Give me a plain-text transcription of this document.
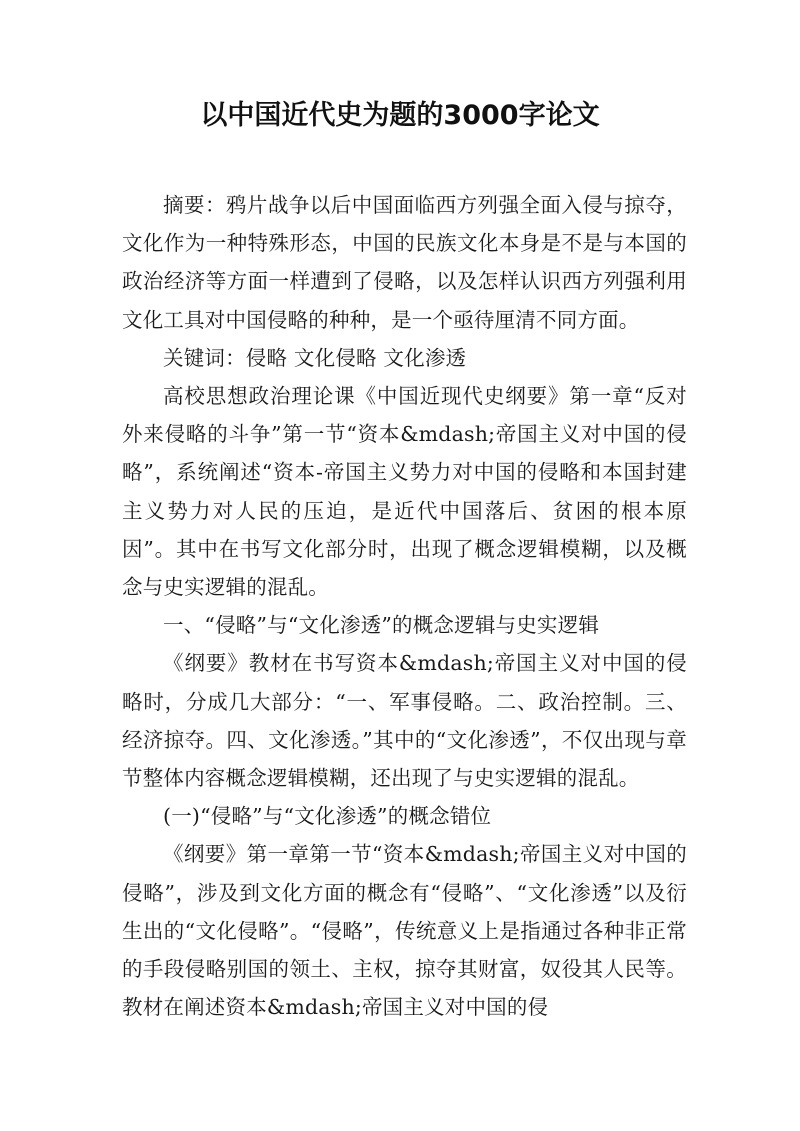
以中国近代史为题的3000字论文

摘要：鸦片战争以后中国面临西方列强全面入侵与掠夺，文化作为一种特殊形态，中国的民族文化本身是不是与本国的政治经济等方面一样遭到了侵略，以及怎样认识西方列强利用文化工具对中国侵略的种种，是一个亟待厘清不同方面。

关键词：侵略 文化侵略 文化渗透

高校思想政治理论课《中国近现代史纲要》第一章“反对外来侵略的斗争”第一节“资本&mdash;帝国主义对中国的侵略”，系统阐述“资本-帝国主义势力对中国的侵略和本国封建主义势力对人民的压迫，是近代中国落后、贫困的根本原因”。其中在书写文化部分时，出现了概念逻辑模糊，以及概念与史实逻辑的混乱。

一、“侵略”与“文化渗透”的概念逻辑与史实逻辑

《纲要》教材在书写资本&mdash;帝国主义对中国的侵略时，分成几大部分：“一、军事侵略。二、政治控制。三、经济掠夺。四、文化渗透。”其中的“文化渗透”，不仅出现与章节整体内容概念逻辑模糊，还出现了与史实逻辑的混乱。

(一)“侵略”与“文化渗透”的概念错位

《纲要》第一章第一节“资本&mdash;帝国主义对中国的侵略”，涉及到文化方面的概念有“侵略”、“文化渗透”以及衍生出的“文化侵略”。“侵略”，传统意义上是指通过各种非正常的手段侵略别国的领土、主权，掠夺其财富，奴役其人民等。教材在阐述资本&mdash;帝国主义对中国的侵
